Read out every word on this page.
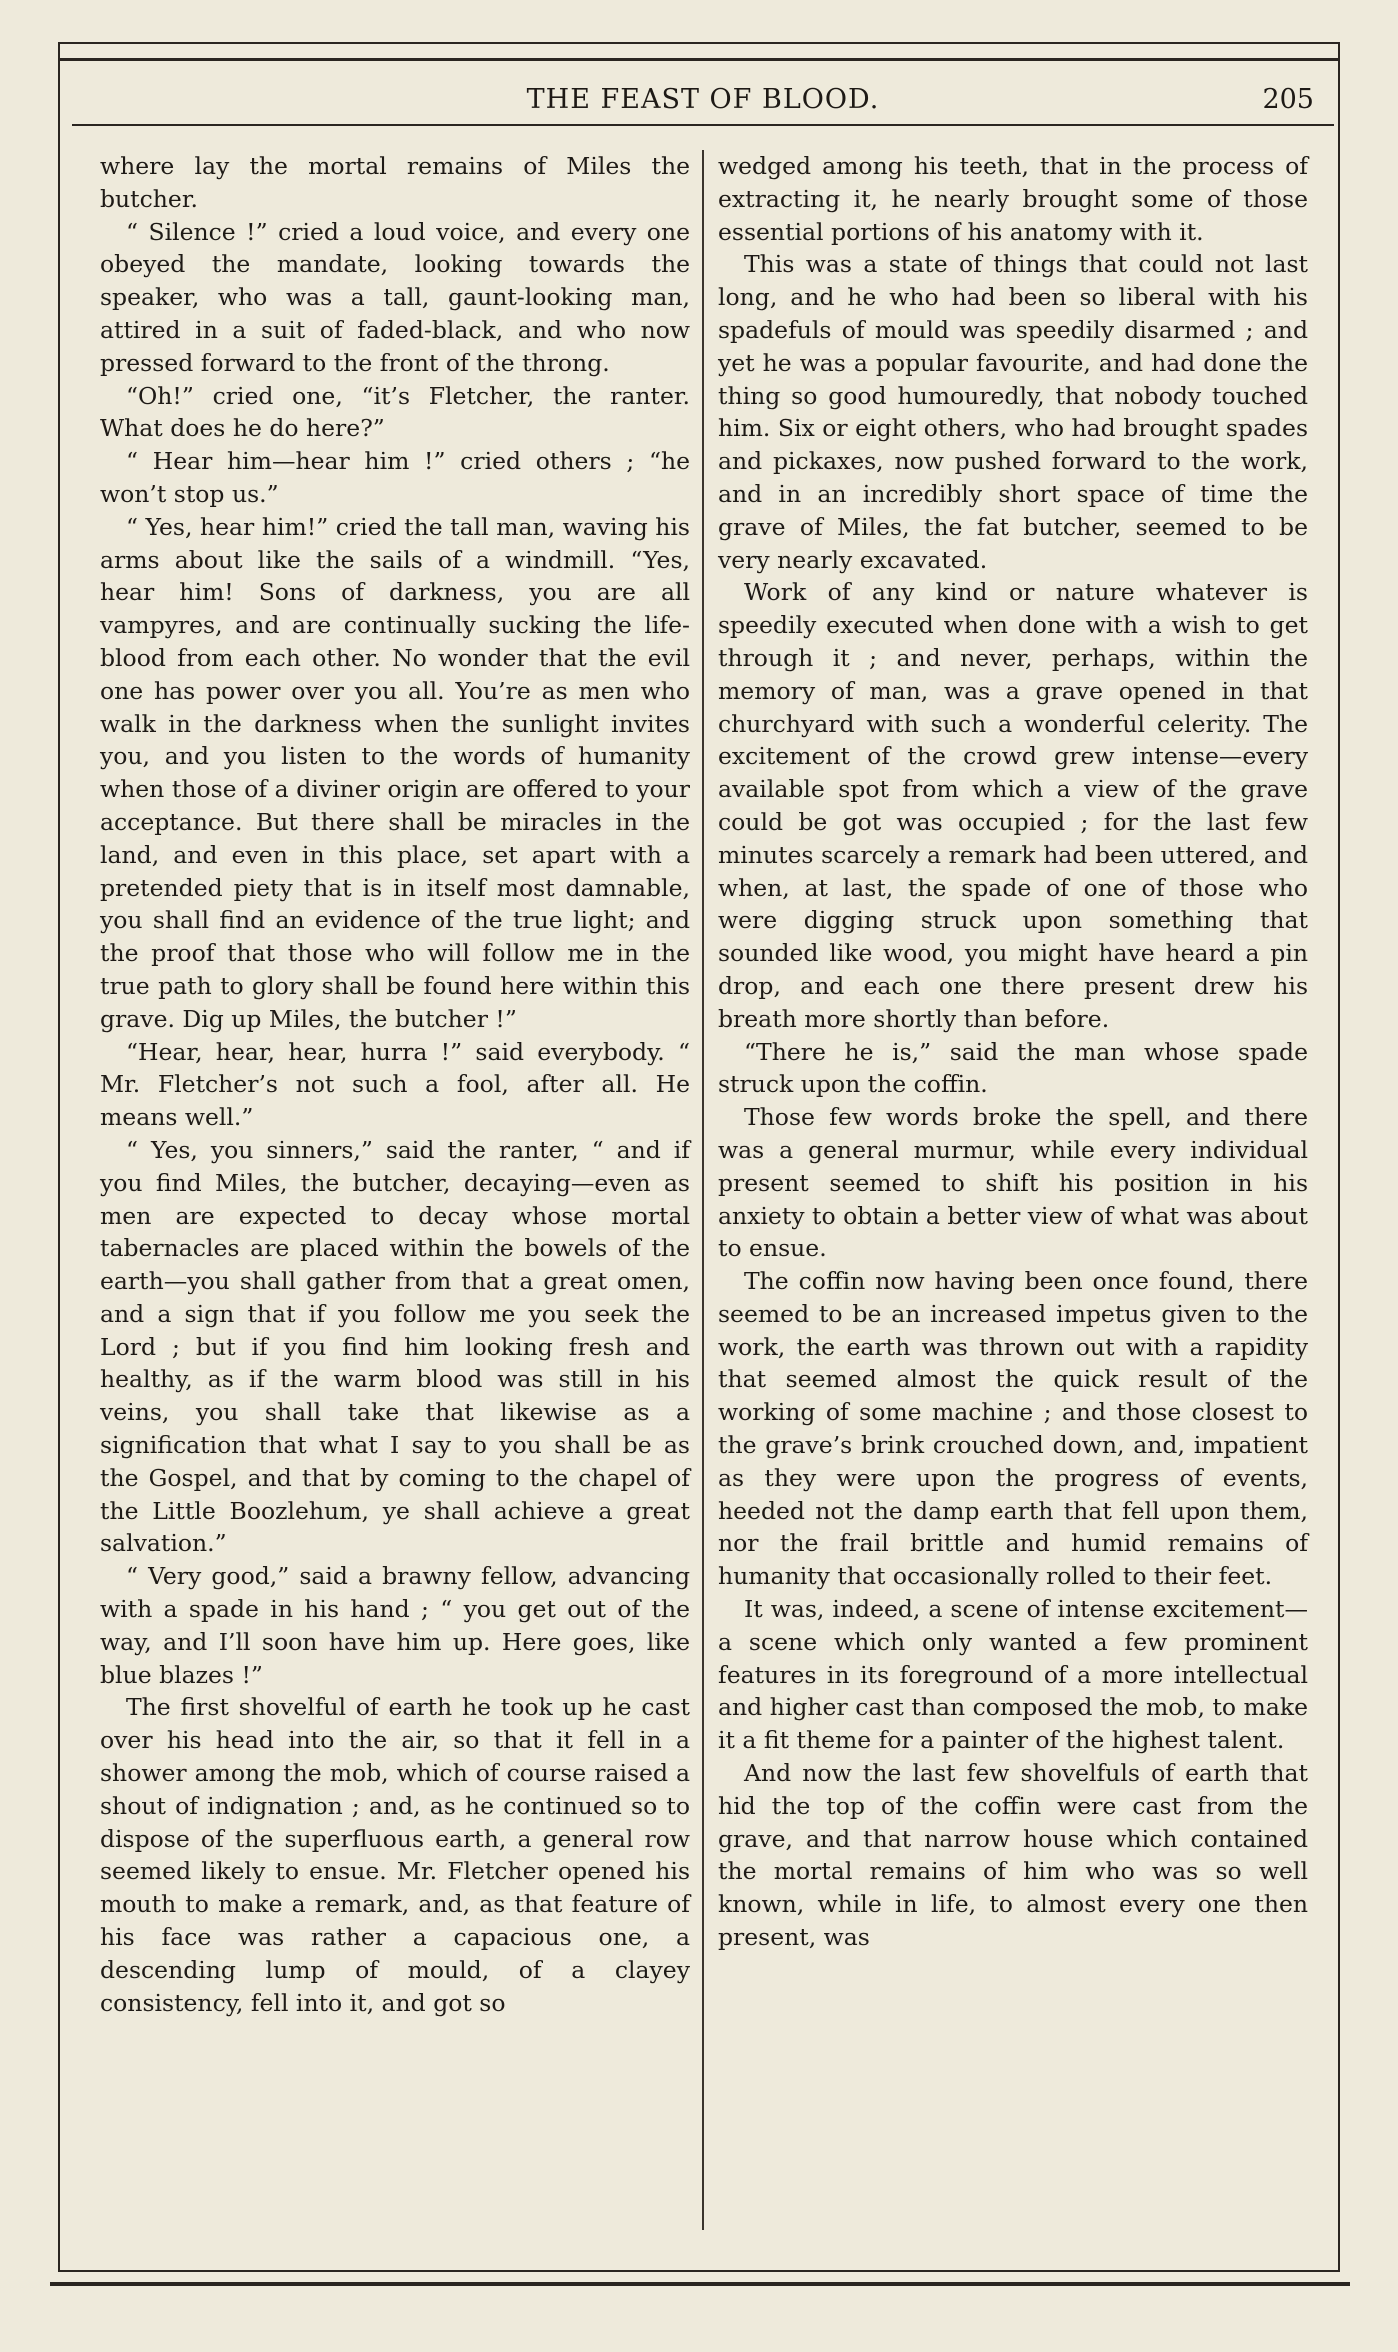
THE FEAST OF BLOOD.	205

where lay the mortal remains of Miles the butcher.

“ Silence !” cried a loud voice, and every one obeyed the mandate, looking towards the speaker, who was a tall, gaunt-looking man, attired in a suit of faded-black, and who now pressed forward to the front of the throng.

“Oh!” cried one, “it’s Fletcher, the ranter. What does he do here?”

“ Hear him—hear him !” cried others ; “he won’t stop us.”

“ Yes, hear him!” cried the tall man, waving his arms about like the sails of a windmill. “Yes, hear him! Sons of darkness, you are all vampyres, and are continually sucking the life-blood from each other. No wonder that the evil one has power over you all. You’re as men who walk in the darkness when the sunlight invites you, and you listen to the words of humanity when those of a diviner origin are offered to your acceptance. But there shall be miracles in the land, and even in this place, set apart with a pretended piety that is in itself most damnable, you shall find an evidence of the true light; and the proof that those who will follow me in the true path to glory shall be found here within this grave. Dig up Miles, the butcher !”

“Hear, hear, hear, hurra !” said everybody. “ Mr. Fletcher’s not such a fool, after all. He means well.”

“ Yes, you sinners,” said the ranter, “ and if you find Miles, the butcher, decaying—even as men are expected to decay whose mortal tabernacles are placed within the bowels of the earth—you shall gather from that a great omen, and a sign that if you follow me you seek the Lord ; but if you find him looking fresh and healthy, as if the warm blood was still in his veins, you shall take that likewise as a signification that what I say to you shall be as the Gospel, and that by coming to the chapel of the Little Boozlehum, ye shall achieve a great salvation.”

“ Very good,” said a brawny fellow, advancing with a spade in his hand ; “ you get out of the way, and I’ll soon have him up. Here goes, like blue blazes !”

The first shovelful of earth he took up he cast over his head into the air, so that it fell in a shower among the mob, which of course raised a shout of indignation ; and, as he continued so to dispose of the superfluous earth, a general row seemed likely to ensue. Mr. Fletcher opened his mouth to make a remark, and, as that feature of his face was rather a capacious one, a descending lump of mould, of a clayey consistency, fell into it, and got so

wedged among his teeth, that in the process of extracting it, he nearly brought some of those essential portions of his anatomy with it.

This was a state of things that could not last long, and he who had been so liberal with his spadefuls of mould was speedily disarmed ; and yet he was a popular favourite, and had done the thing so good humouredly, that nobody touched him. Six or eight others, who had brought spades and pickaxes, now pushed forward to the work, and in an incredibly short space of time the grave of Miles, the fat butcher, seemed to be very nearly excavated.

Work of any kind or nature whatever is speedily executed when done with a wish to get through it ; and never, perhaps, within the memory of man, was a grave opened in that churchyard with such a wonderful celerity. The excitement of the crowd grew intense—every available spot from which a view of the grave could be got was occupied ; for the last few minutes scarcely a remark had been uttered, and when, at last, the spade of one of those who were digging struck upon something that sounded like wood, you might have heard a pin drop, and each one there present drew his breath more shortly than before.

“There he is,” said the man whose spade struck upon the coffin.

Those few words broke the spell, and there was a general murmur, while every individual present seemed to shift his position in his anxiety to obtain a better view of what was about to ensue.

The coffin now having been once found, there seemed to be an increased impetus given to the work, the earth was thrown out with a rapidity that seemed almost the quick result of the working of some machine ; and those closest to the grave’s brink crouched down, and, impatient as they were upon the progress of events, heeded not the damp earth that fell upon them, nor the frail brittle and humid remains of humanity that occasionally rolled to their feet.

It was, indeed, a scene of intense excitement—a scene which only wanted a few prominent features in its foreground of a more intellectual and higher cast than composed the mob, to make it a fit theme for a painter of the highest talent.

And now the last few shovelfuls of earth that hid the top of the coffin were cast from the grave, and that narrow house which contained the mortal remains of him who was so well known, while in life, to almost every one then present, was
